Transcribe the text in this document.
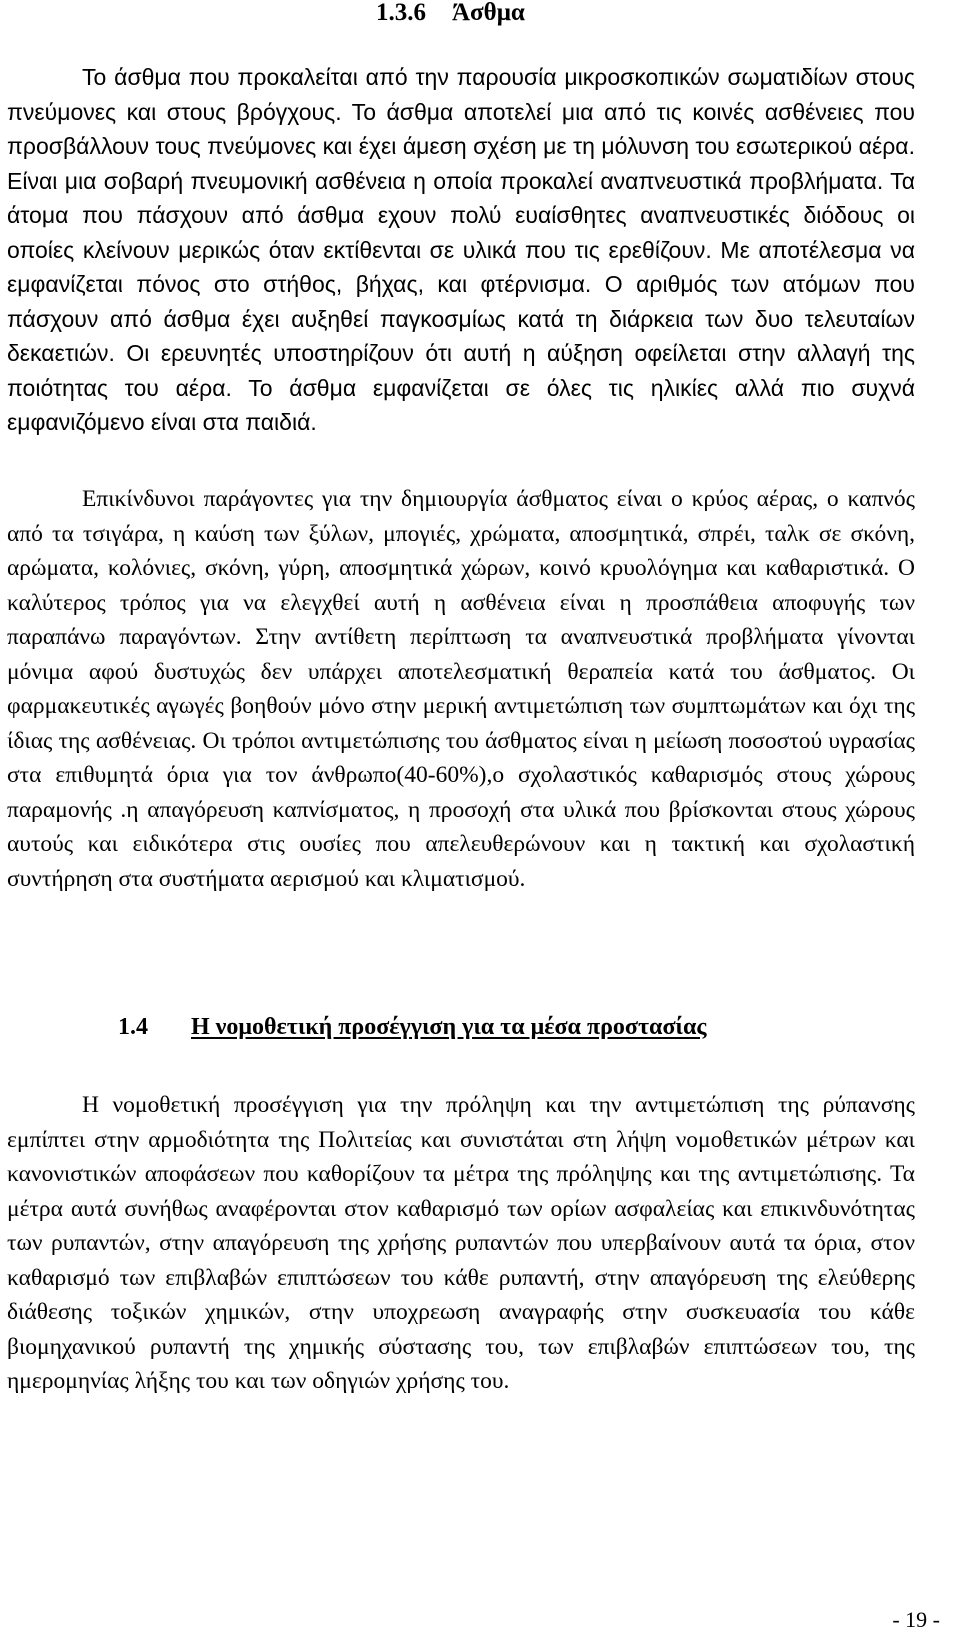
1.3.6 Άσθμα
Το άσθμα που προκαλείται από την παρουσία μικροσκοπικών σωματιδίων στους πνεύμονες και στους βρόγχους. Το άσθμα αποτελεί μια από τις κοινές ασθένειες που προσβάλλουν τους πνεύμονες και έχει άμεση σχέση με τη μόλυνση του εσωτερικού αέρα. Είναι μια σοβαρή πνευμονική ασθένεια η οποία προκαλεί αναπνευστικά προβλήματα. Τα άτομα που πάσχουν από άσθμα εχουν πολύ ευαίσθητες αναπνευστικές διόδους οι οποίες κλείνουν μερικώς όταν εκτίθενται σε υλικά που τις ερεθίζουν. Με αποτέλεσμα να εμφανίζεται πόνος στο στήθος, βήχας, και φτέρνισμα. Ο αριθμός των ατόμων που πάσχουν από άσθμα έχει αυξηθεί παγκοσμίως κατά τη διάρκεια των δυο τελευταίων δεκαετιών. Οι ερευνητές υποστηρίζουν ότι αυτή η αύξηση οφείλεται στην αλλαγή της ποιότητας του αέρα. Το άσθμα εμφανίζεται σε όλες τις ηλικίες αλλά πιο συχνά εμφανιζόμενο είναι στα παιδιά.
Επικίνδυνοι παράγοντες για την δημιουργία άσθματος είναι ο κρύος αέρας, ο καπνός από τα τσιγάρα, η καύση των ξύλων, μπογιές, χρώματα, αποσμητικά, σπρέι, ταλκ σε σκόνη, αρώματα, κολόνιες, σκόνη, γύρη, αποσμητικά χώρων, κοινό κρυολόγημα και καθαριστικά. Ο καλύτερος τρόπος για να ελεγχθεί αυτή η ασθένεια είναι η προσπάθεια αποφυγής των παραπάνω παραγόντων. Στην αντίθετη περίπτωση τα αναπνευστικά προβλήματα γίνονται μόνιμα αφού δυστυχώς δεν υπάρχει αποτελεσματική θεραπεία κατά του άσθματος. Οι φαρμακευτικές αγωγές βοηθούν μόνο στην μερική αντιμετώπιση των συμπτωμάτων και όχι της ίδιας της ασθένειας. Οι τρόποι αντιμετώπισης του άσθματος είναι η μείωση ποσοστού υγρασίας στα επιθυμητά όρια για τον άνθρωπο(40-60%),ο σχολαστικός καθαρισμός στους χώρους παραμονής .η απαγόρευση καπνίσματος, η προσοχή στα υλικά που βρίσκονται στους χώρους αυτούς και ειδικότερα στις ουσίες που απελευθερώνουν και η τακτική και σχολαστική συντήρηση στα συστήματα αερισμού και κλιματισμού.
1.4 Η νομοθετική προσέγγιση για τα μέσα προστασίας
Η νομοθετική προσέγγιση για την πρόληψη και την αντιμετώπιση της ρύπανσης εμπίπτει στην αρμοδιότητα της Πολιτείας και συνιστάται στη λήψη νομοθετικών μέτρων και κανονιστικών αποφάσεων που καθορίζουν τα μέτρα της πρόληψης και της αντιμετώπισης. Τα μέτρα αυτά συνήθως αναφέρονται στον καθαρισμό των ορίων ασφαλείας και επικινδυνότητας των ρυπαντών, στην απαγόρευση της χρήσης ρυπαντών που υπερβαίνουν αυτά τα όρια, στον καθαρισμό των επιβλαβών επιπτώσεων του κάθε ρυπαντή, στην απαγόρευση της ελεύθερης διάθεσης τοξικών χημικών, στην υποχρεωση αναγραφής στην συσκευασία του κάθε βιομηχανικού ρυπαντή της χημικής σύστασης του, των επιβλαβών επιπτώσεων του, της ημερομηνίας λήξης του και των οδηγιών χρήσης του.
- 19 -
